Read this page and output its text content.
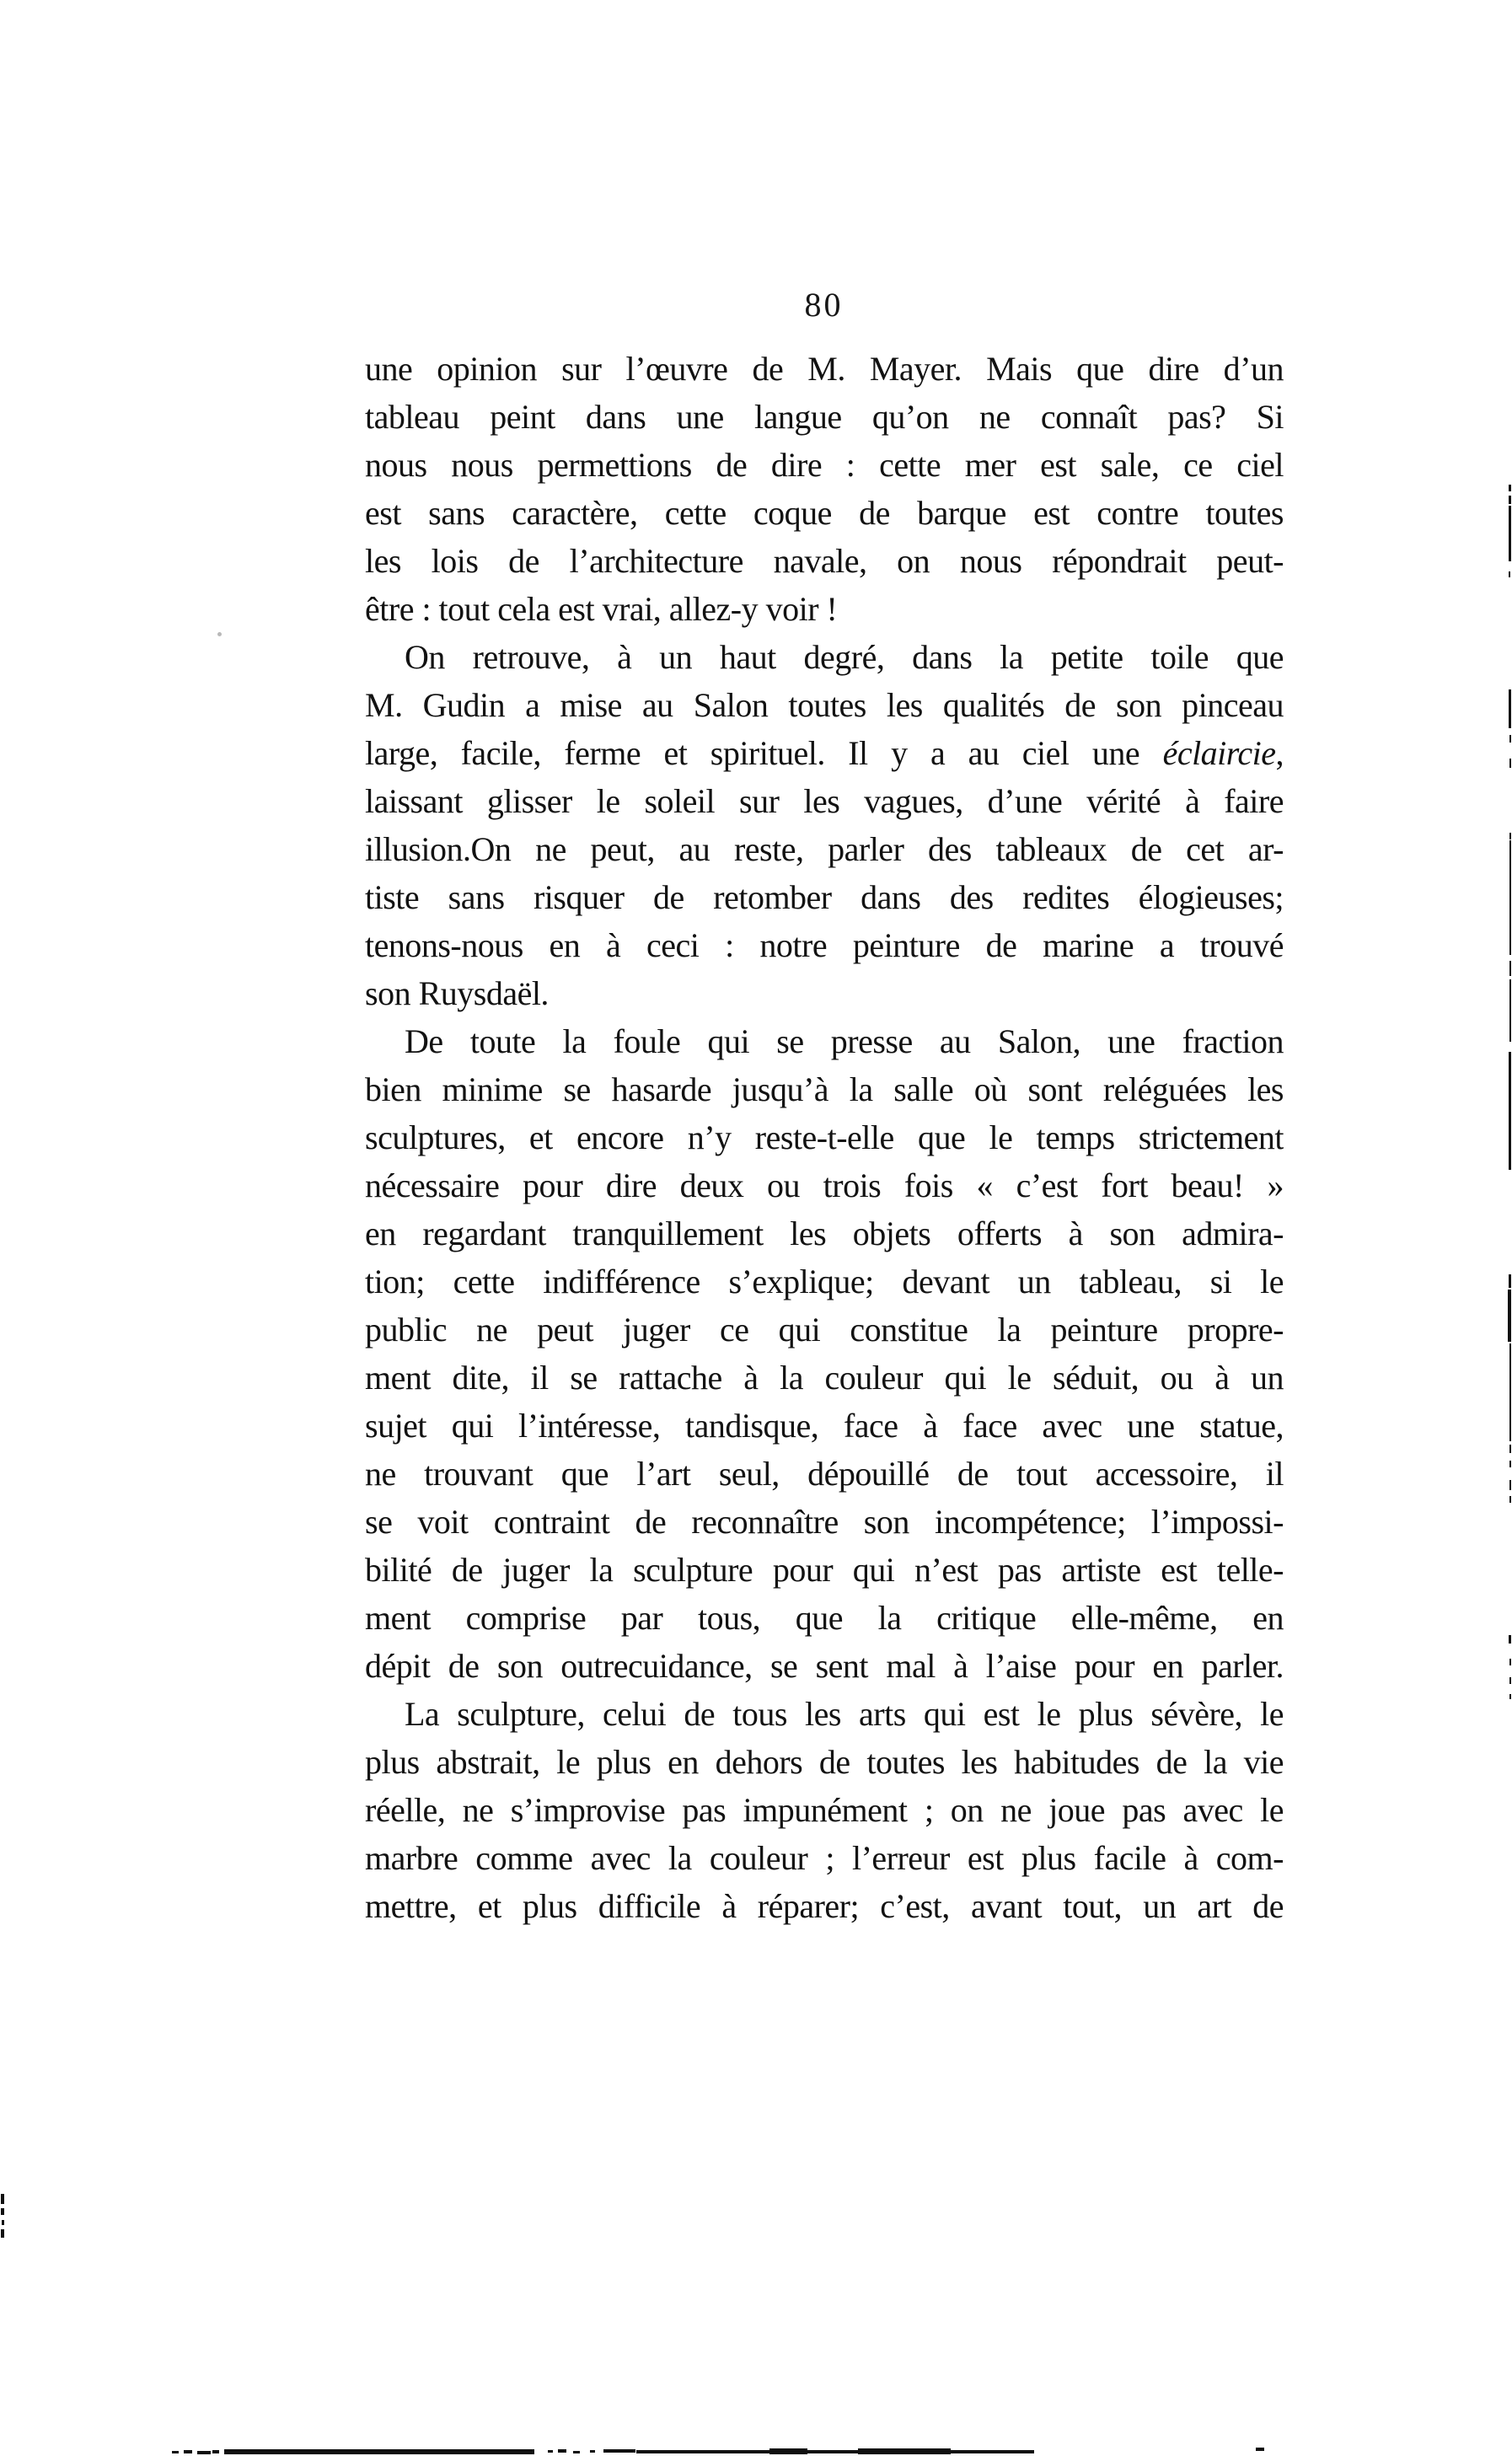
80
une opinion sur l’œuvre de M. Mayer. Mais que dire d’un
tableau peint dans une langue qu’on ne connaît pas? Si
nous nous permettions de dire : cette mer est sale, ce ciel
est sans caractère, cette coque de barque est contre toutes
les lois de l’architecture navale, on nous répondrait peut-
être : tout cela est vrai, allez-y voir !
On retrouve, à un haut degré, dans la petite toile que
M. Gudin a mise au Salon toutes les qualités de son pinceau
large, facile, ferme et spirituel. Il y a au ciel une éclaircie,
laissant glisser le soleil sur les vagues, d’une vérité à faire
illusion.On ne peut, au reste, parler des tableaux de cet ar-
tiste sans risquer de retomber dans des redites élogieuses;
tenons-nous en à ceci : notre peinture de marine a trouvé
son Ruysdaël.
De toute la foule qui se presse au Salon, une fraction
bien minime se hasarde jusqu’à la salle où sont reléguées les
sculptures, et encore n’y reste-t-elle que le temps strictement
nécessaire pour dire deux ou trois fois « c’est fort beau! »
en regardant tranquillement les objets offerts à son admira-
tion; cette indifférence s’explique; devant un tableau, si le
public ne peut juger ce qui constitue la peinture propre-
ment dite, il se rattache à la couleur qui le séduit, ou à un
sujet qui l’intéresse, tandisque, face à face avec une statue,
ne trouvant que l’art seul, dépouillé de tout accessoire, il
se voit contraint de reconnaître son incompétence; l’impossi-
bilité de juger la sculpture pour qui n’est pas artiste est telle-
ment comprise par tous, que la critique elle-même, en
dépit de son outrecuidance, se sent mal à l’aise pour en parler.
La sculpture, celui de tous les arts qui est le plus sévère, le
plus abstrait, le plus en dehors de toutes les habitudes de la vie
réelle, ne s’improvise pas impunément ; on ne joue pas avec le
marbre comme avec la couleur ; l’erreur est plus facile à com-
mettre, et plus difficile à réparer; c’est, avant tout, un art de
